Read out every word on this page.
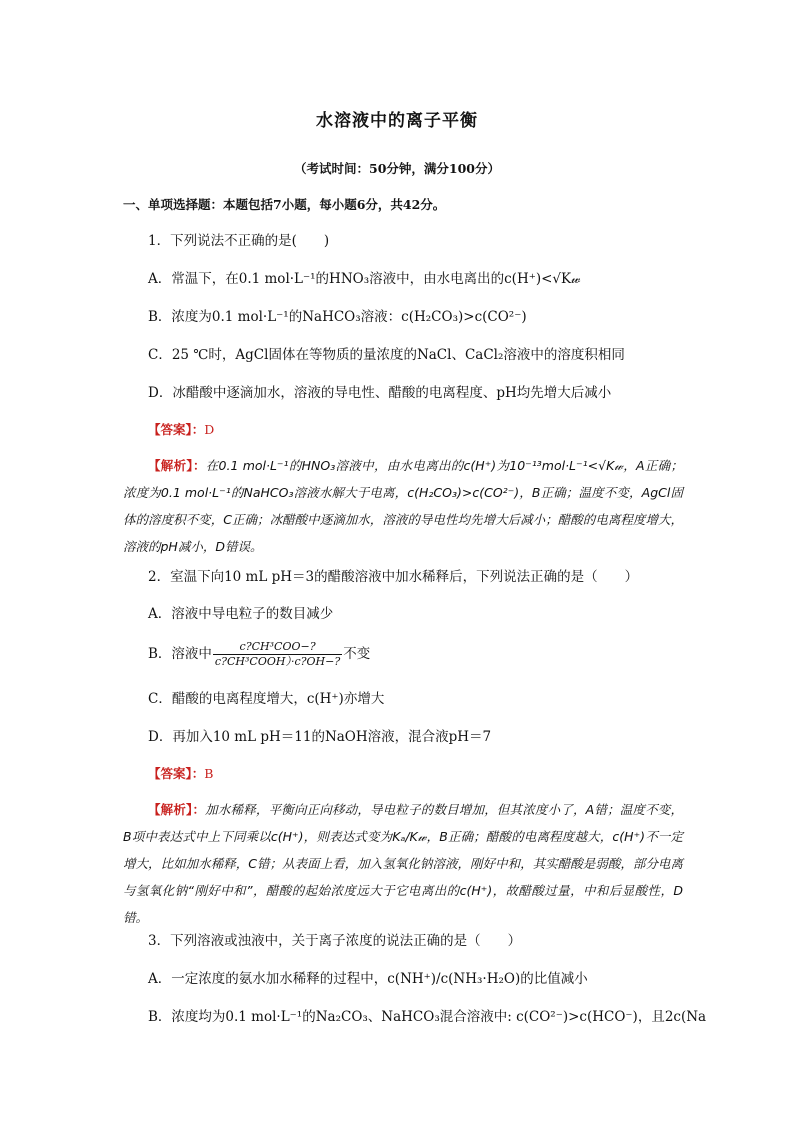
水溶液中的离子平衡
（考试时间：50分钟，满分100分）
一、单项选择题：本题包括7小题，每小题6分，共42分。
1．下列说法不正确的是(　　)
A．常温下，在0.1 mol·L⁻¹的HNO₃溶液中，由水电离出的c(H⁺)<√K𝓌
B．浓度为0.1 mol·L⁻¹的NaHCO₃溶液：c(H₂CO₃)>c(CO²⁻)
C．25 ℃时，AgCl固体在等物质的量浓度的NaCl、CaCl₂溶液中的溶度积相同
D．冰醋酸中逐滴加水，溶液的导电性、醋酸的电离程度、pH均先增大后减小
【答案】：D
【解析】：在0.1 mol·L⁻¹的HNO₃溶液中，由水电离出的c(H⁺)为10⁻¹³mol·L⁻¹<√K𝓌，A正确；浓度为0.1 mol·L⁻¹的NaHCO₃溶液水解大于电离，c(H₂CO₃)>c(CO²⁻)，B正确；温度不变，AgCl固体的溶度积不变，C正确；冰醋酸中逐滴加水，溶液的导电性均先增大后减小；醋酸的电离程度增大，溶液的pH减小，D错误。
2．室温下向10 mL pH＝3的醋酸溶液中加水稀释后，下列说法正确的是（　　）
A．溶液中导电粒子的数目减少
B．溶液中 $\frac{\text{c?CH³COO−?}}{\text{c?CH³COOH）·c?OH−?}}$ 不变
C．醋酸的电离程度增大，c(H⁺)亦增大
D．再加入10 mL pH＝11的NaOH溶液，混合液pH＝7
【答案】：B
【解析】：加水稀释，平衡向正向移动，导电粒子的数目增加，但其浓度小了，A错；温度不变，B项中表达式中上下同乘以c(H⁺)，则表达式变为Kₐ/K𝓌，B正确；醋酸的电离程度越大，c(H⁺)不一定增大，比如加水稀释，C错；从表面上看，加入氢氧化钠溶液，刚好中和，其实醋酸是弱酸，部分电离与氢氧化钠“刚好中和”，醋酸的起始浓度远大于它电离出的c(H⁺)，故醋酸过量，中和后显酸性，D错。
3．下列溶液或浊液中，关于离子浓度的说法正确的是（　　）
A．一定浓度的氨水加水稀释的过程中，c(NH⁺)/c(NH₃·H₂O)的比值减小
B．浓度均为0.1 mol·L⁻¹的Na₂CO₃、NaHCO₃混合溶液中: c(CO²⁻)>c(HCO⁻)，且2c(Na
